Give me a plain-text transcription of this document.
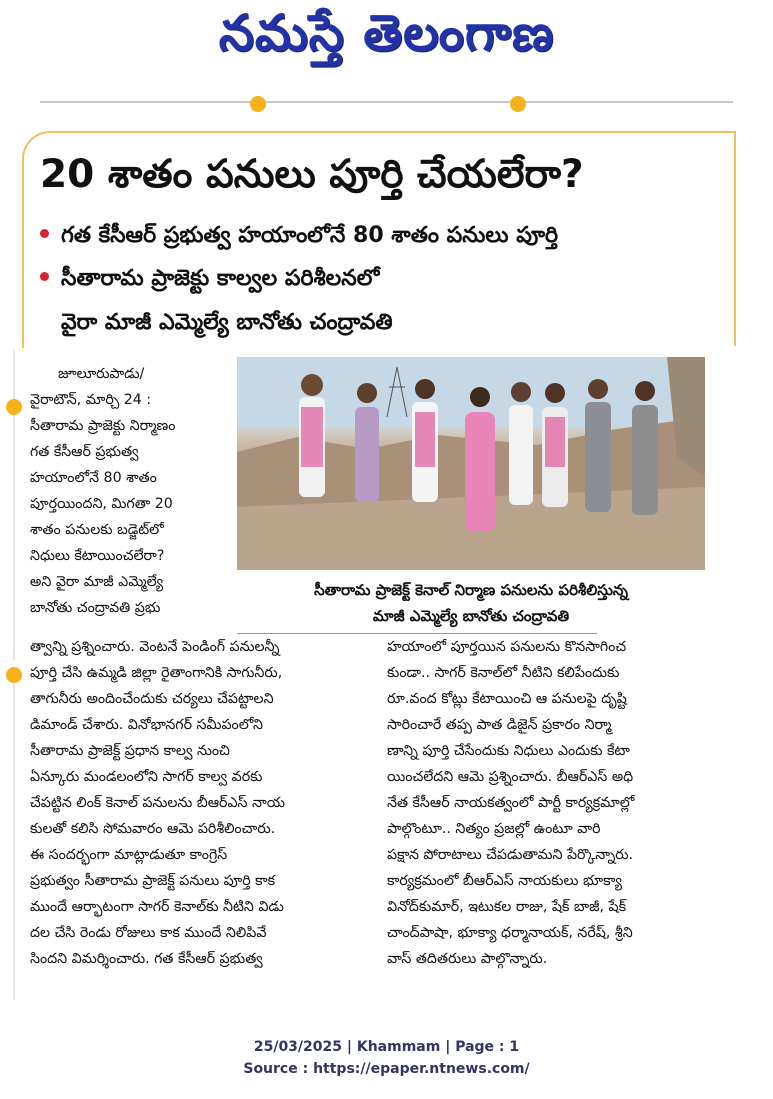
నమస్తే తెలంగాణ
20 శాతం పనులు పూర్తి చేయలేరా?
గత కేసీఆర్ ప్రభుత్వ హయాంలోనే 80 శాతం పనులు పూర్తి
సీతారామ ప్రాజెక్టు కాల్వల పరిశీలనలో
వైరా మాజీ ఎమ్మెల్యే బానోతు చంద్రావతి

జూలూరుపాడు/

వైరాటౌన్, మార్చి 24 :

సీతారామ ప్రాజెక్టు నిర్మాణం

గత కేసీఆర్ ప్రభుత్వ

హయాంలోనే 80 శాతం

పూర్తయిందని, మిగతా 20

శాతం పనులకు బడ్జెట్‌లో

నిధులు కేటాయించలేరా?

అని వైరా మాజీ ఎమ్మెల్యే

బానోతు చంద్రావతి ప్రభు

సీతారామ ప్రాజెక్ట్ కెనాల్ నిర్మాణ పనులను పరిశీలిస్తున్న
మాజీ ఎమ్మెల్యే బానోతు చంద్రావతి

త్వాన్ని ప్రశ్నించారు. వెంటనే పెండింగ్ పనులన్నీ

పూర్తి చేసి ఉమ్మడి జిల్లా రైతాంగానికి సాగునీరు,

తాగునీరు అందించేందుకు చర్యలు చేపట్టాలని

డిమాండ్ చేశారు. వినోభానగర్ సమీపంలోని

సీతారామ ప్రాజెక్ట్ ప్రధాన కాల్వ నుంచి

ఏన్కూరు మండలంలోని సాగర్ కాల్వ వరకు

చేపట్టిన లింక్ కెనాల్ పనులను బీఆర్ఎస్ నాయ

కులతో కలిసి సోమవారం ఆమె పరిశీలించారు.

ఈ సందర్భంగా మాట్లాడుతూ కాంగ్రెస్

ప్రభుత్వం సీతారామ ప్రాజెక్ట్ పనులు పూర్తి కాక

ముందే ఆర్భాటంగా సాగర్ కెనాల్‌కు నీటిని విడు

దల చేసి రెండు రోజులు కాక ముందే నిలిపివే

సిందని విమర్శించారు. గత కేసీఆర్ ప్రభుత్వ

హయాంలో పూర్తయిన పనులను కొనసాగించ

కుండా.. సాగర్ కెనాల్‌లో నీటిని కలిపేందుకు

రూ.వంద కోట్లు కేటాయించి ఆ పనులపై దృష్టి

సారించారే తప్ప పాత డిజైన్ ప్రకారం నిర్మా

ణాన్ని పూర్తి చేసేందుకు నిధులు ఎందుకు కేటా

యించలేదని ఆమె ప్రశ్నించారు. బీఆర్ఎస్ అధి

నేత కేసీఆర్ నాయకత్వంలో పార్టీ కార్యక్రమాల్లో

పాల్గొంటూ.. నిత్యం ప్రజల్లో ఉంటూ వారి

పక్షాన పోరాటాలు చేపడుతామని పేర్కొన్నారు.

కార్యక్రమంలో బీఆర్ఎస్ నాయకులు భూక్యా

వినోద్‌కుమార్, ఇటుకల రాజు, షేక్ బాజీ, షేక్

చాంద్‌పాషా, భూక్యా ధర్మానాయక్, నరేష్, శ్రీని

వాస్ తదితరులు పాల్గొన్నారు.

25/03/2025 | Khammam | Page : 1
Source : https://epaper.ntnews.com/
